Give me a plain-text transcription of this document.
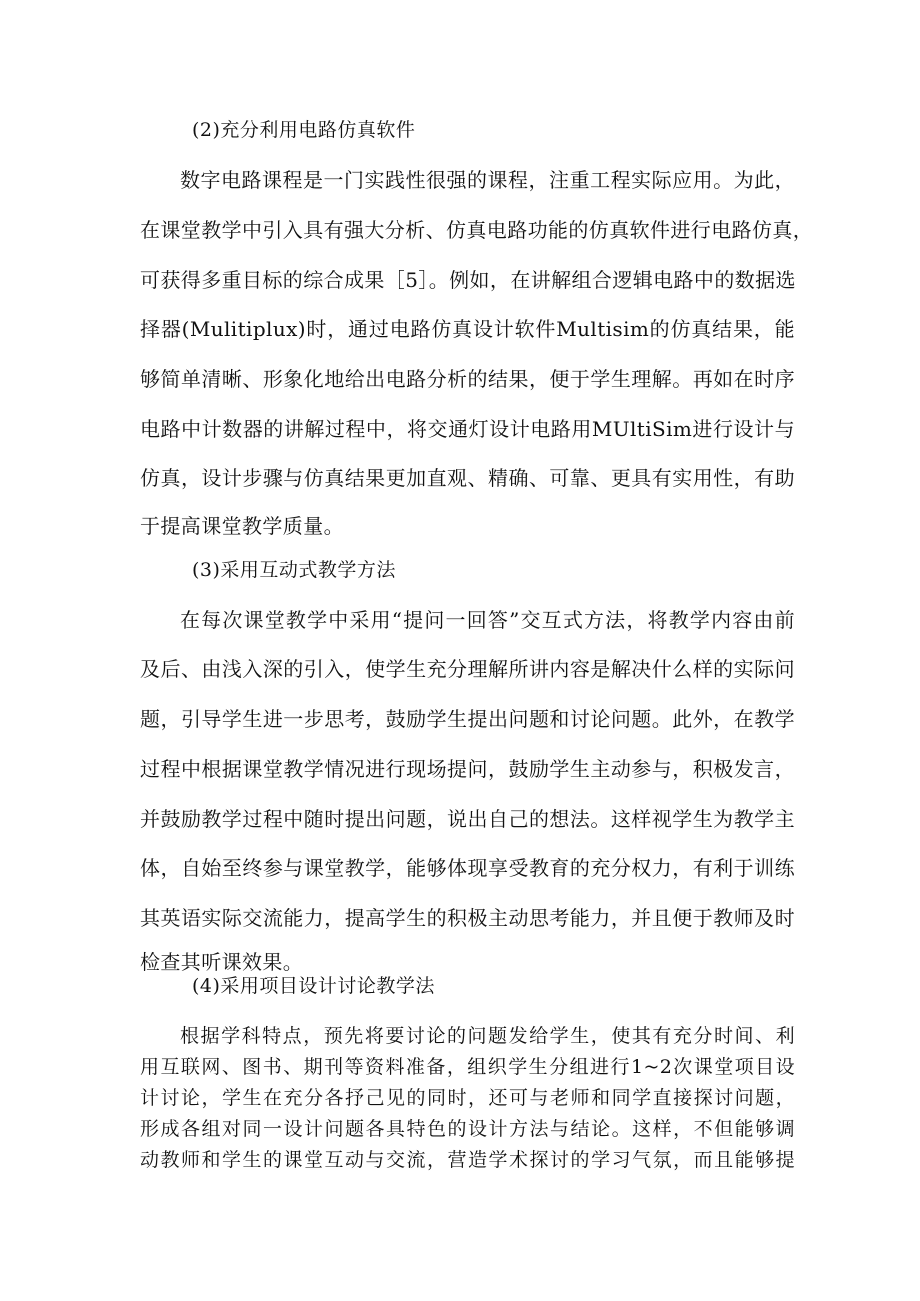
(2)充分利用电路仿真软件
数字电路课程是一门实践性很强的课程，注重工程实际应用。为此，
在课堂教学中引入具有强大分析、仿真电路功能的仿真软件进行电路仿真，
可获得多重目标的综合成果［5］。例如，在讲解组合逻辑电路中的数据选
择器(Mulitiplux)时，通过电路仿真设计软件Multisim的仿真结果，能
够简单清晰、形象化地给出电路分析的结果，便于学生理解。再如在时序
电路中计数器的讲解过程中，将交通灯设计电路用MUltiSim进行设计与
仿真，设计步骤与仿真结果更加直观、精确、可靠、更具有实用性，有助
于提高课堂教学质量。
(3)采用互动式教学方法
在每次课堂教学中采用“提问一回答”交互式方法，将教学内容由前
及后、由浅入深的引入，使学生充分理解所讲内容是解决什么样的实际问
题，引导学生进一步思考，鼓励学生提出问题和讨论问题。此外，在教学
过程中根据课堂教学情况进行现场提问，鼓励学生主动参与，积极发言，
并鼓励教学过程中随时提出问题，说出自己的想法。这样视学生为教学主
体，自始至终参与课堂教学，能够体现享受教育的充分权力，有利于训练
其英语实际交流能力，提高学生的积极主动思考能力，并且便于教师及时
检查其听课效果。
(4)采用项目设计讨论教学法
根据学科特点，预先将要讨论的问题发给学生，使其有充分时间、利
用互联网、图书、期刊等资料准备，组织学生分组进行1~2次课堂项目设
计讨论，学生在充分各抒己见的同时，还可与老师和同学直接探讨问题，
形成各组对同一设计问题各具特色的设计方法与结论。这样，不但能够调
动教师和学生的课堂互动与交流，营造学术探讨的学习气氛，而且能够提
